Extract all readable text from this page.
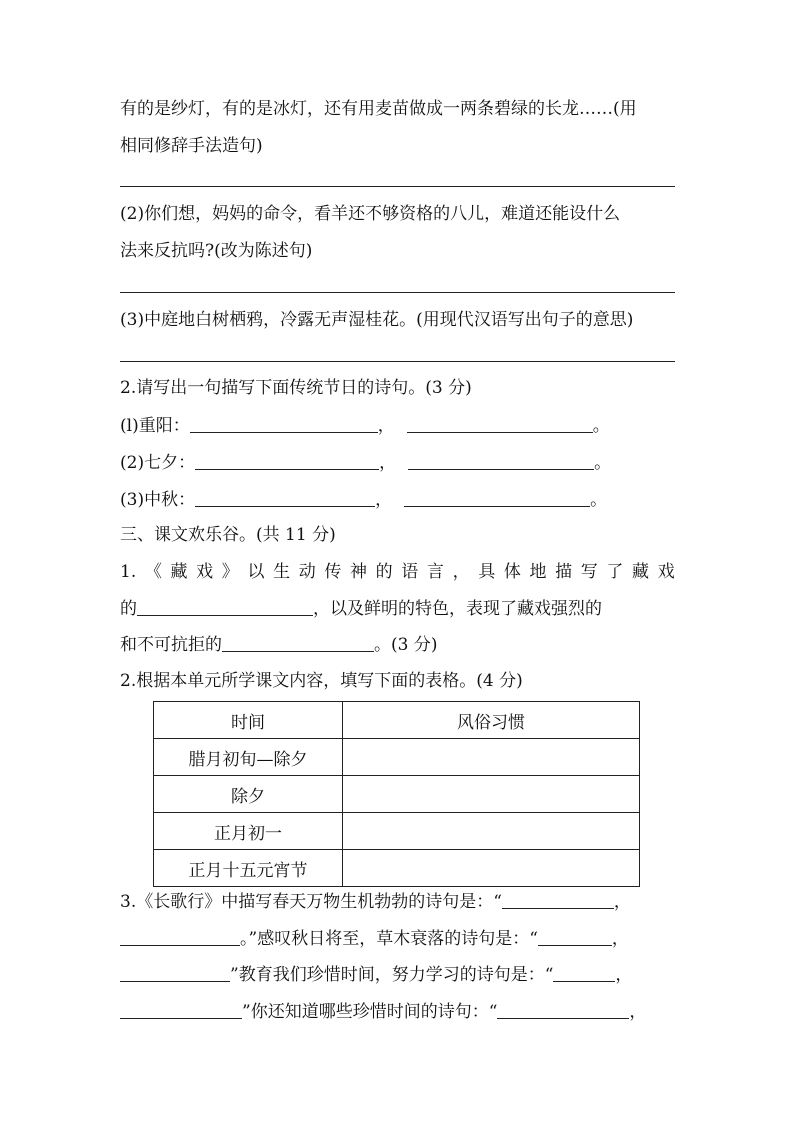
有的是纱灯，有的是冰灯，还有用麦苗做成一两条碧绿的长龙……(用
相同修辞手法造句)
(2)你们想，妈妈的命令，看羊还不够资格的八儿，难道还能设什么
法来反抗吗?(改为陈述句)
(3)中庭地白树栖鸦，冷露无声湿桂花。(用现代汉语写出句子的意思)
2.请写出一句描写下面传统节日的诗句。(3 分)
(l)重阳：	，	。
(2)七夕：	，	。
(3)中秋：	，	。
三、课文欢乐谷。(共 11 分)
1. 《 藏 戏 》 以 生 动 传 神 的 语 言 ， 具 体 地 描 写 了 藏 戏
的	，以及鲜明的特色，表现了藏戏强烈的
和不可抗拒的	。(3 分)
2.根据本单元所学课文内容，填写下面的表格。(4 分)
时间	风俗习惯
腊月初旬—除夕	
除夕	
正月初一	
正月十五元宵节	
3.《长歌行》中描写春天万物生机勃勃的诗句是：“	，
。”感叹秋日将至，草木衰落的诗句是：“	，
”教育我们珍惜时间，努力学习的诗句是：“	，
”你还知道哪些珍惜时间的诗句：“	，
